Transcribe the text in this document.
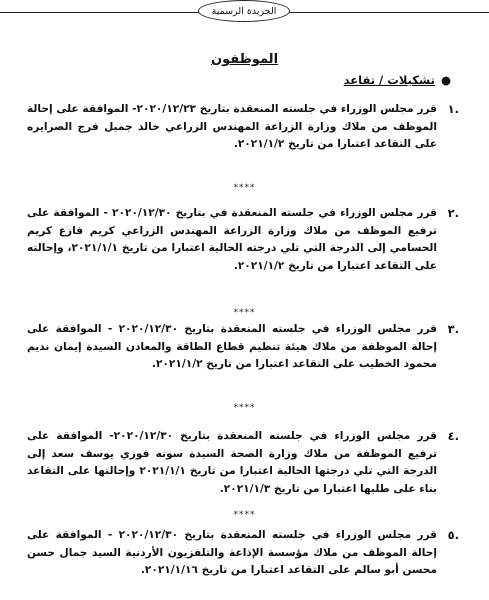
الجريدة الرسمية
الموظفون
●تشكيلات / تقاعد
.١
قرر مجلس الوزراء في جلسته المنعقدة بتاريخ ٢٠٢٠/١٢/٢٣- الموافقة على إحالة الموظف من ملاك وزارة الزراعة المهندس الزراعي خالد جميل فرج الصرايره على التقاعد اعتبارا من تاريخ ٢٠٢١/١/٢.
****
.٢
قرر مجلس الوزراء في جلسته المنعقدة في بتاريخ ٢٠٢٠/١٢/٣٠ - الموافقة على ترفيع الموظف من ملاك وزارة الزراعة المهندس الزراعي كريم فازع كريم الحسامي إلى الدرجة التي تلي درجته الحالية اعتبارا من تاريخ ٢٠٢١/١/١، وإحالته على التقاعد اعتبارا من تاريخ ٢٠٢١/١/٢.
****
.٣
قرر مجلس الوزراء في جلسته المنعقدة بتاريخ ٢٠٢٠/١٢/٣٠ - الموافقة على إحالة الموظفة من ملاك هيئة تنظيم قطاع الطاقة والمعادن السيدة إيمان نديم محمود الخطيب على التقاعد اعتبارا من تاريخ ٢٠٢١/١/٢.
****
.٤
قرر مجلس الوزراء في جلسته المنعقدة بتاريخ ٢٠٢٠/١٢/٣٠- الموافقة على ترفيع الموظفة من ملاك وزارة الصحة السيدة سونه فوزي يوسف سعد إلى الدرجة التي تلي درجتها الحالية اعتبارا من تاريخ ٢٠٢١/١/١ وإحالتها على التقاعد بناء على طلبها اعتبارا من تاريخ ٢٠٢١/١/٣.
****
.٥
قرر مجلس الوزراء في جلسته المنعقدة بتاريخ ٢٠٢٠/١٢/٣٠ - الموافقة على إحالة الموظف من ملاك مؤسسة الإذاعة والتلفزيون الأردنية السيد جمال حسن محسن أبو سالم على التقاعد اعتبارا من تاريخ ٢٠٢١/١/١٦.
